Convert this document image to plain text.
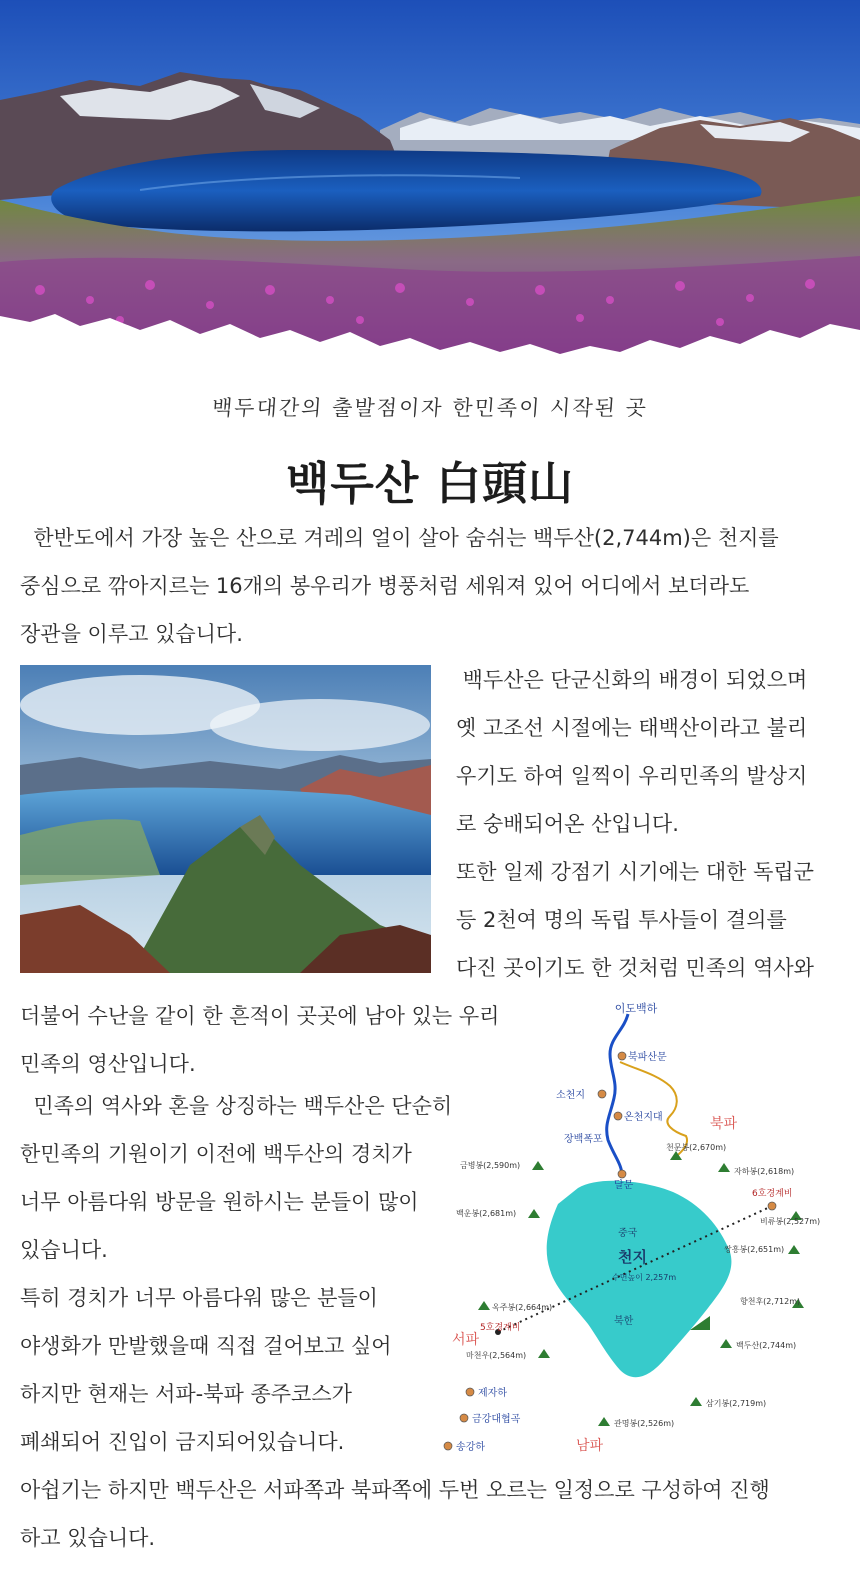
백두대간의 출발점이자 한민족이 시작된 곳
백두산 白頭山
한반도에서 가장 높은 산으로 겨레의 얼이 살아 숨쉬는 백두산(2,744m)은 천지를
중심으로 깎아지르는 16개의 봉우리가 병풍처럼 세워져 있어 어디에서 보더라도
장관을 이루고 있습니다.
백두산은 단군신화의 배경이 되었으며
옛 고조선 시절에는 태백산이라고 불리
우기도 하여 일찍이 우리민족의 발상지
로 숭배되어온 산입니다.
또한 일제 강점기 시기에는 대한 독립군
등 2천여 명의 독립 투사들이 결의를
다진 곳이기도 한 것처럼 민족의 역사와
더불어 수난을 같이 한 흔적이 곳곳에 남아 있는 우리
민족의 영산입니다.
민족의 역사와 혼을 상징하는 백두산은 단순히
한민족의 기원이기 이전에 백두산의 경치가
너무 아름다워 방문을 원하시는 분들이 많이
있습니다.
특히 경치가 너무 아름다워 많은 분들이
야생화가 만발했을때 직접 걸어보고 싶어
하지만 현재는 서파-북파 종주코스가
폐쇄되어 진입이 금지되어있습니다.
아쉽기는 하지만 백두산은 서파쪽과 북파쪽에 두번 오르는 일정으로 구성하여 진행
하고 있습니다.
이도백하
북파산문
소천지
온천지대
장백폭포
달문
제자하
금강대협곡
송강하
중국
천지
수면높이 2,257m
북한
북파
서파
남파
6호경계비
5호경계비
천문봉(2,670m)
자하봉(2,618m)
비류봉(2,527m)
쌍흥봉(2,651m)
향천후(2,712m)
백두산(2,744m)
삼기봉(2,719m)
관명봉(2,526m)
금병봉(2,590m)
백운봉(2,681m)
옥주봉(2,664m)
마천우(2,564m)
